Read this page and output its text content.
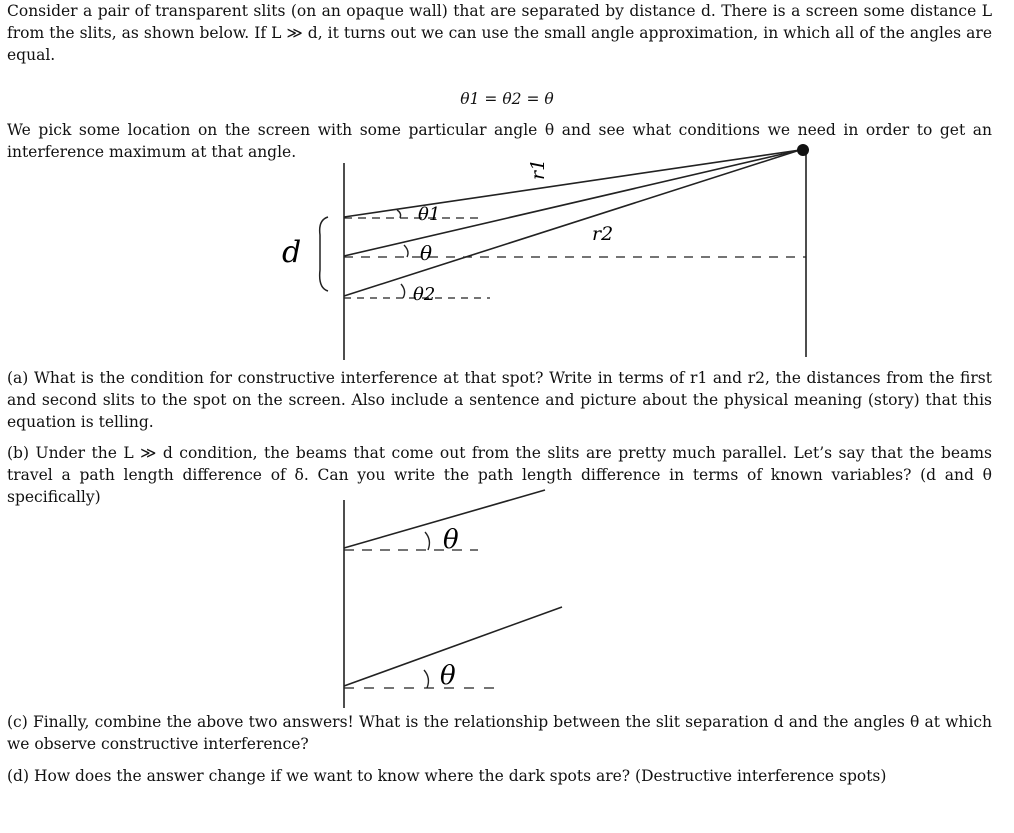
Consider a pair of transparent slits (on an opaque wall) that are separated by distance d. There is a screen some distance L from the slits, as shown below. If L ≫ d, it turns out we can use the small angle approximation, in which all of the angles are equal.
θ1 = θ2 = θ
We pick some location on the screen with some particular angle θ and see what conditions we need in order to get an interference maximum at that angle.
d
r1
r2
θ1
θ
θ2
(a) What is the condition for constructive interference at that spot? Write in terms of r1 and r2, the distances from the first and second slits to the spot on the screen. Also include a sentence and picture about the physical meaning (story) that this equation is telling.
(b) Under the L ≫ d condition, the beams that come out from the slits are pretty much parallel. Let’s say that the beams travel a path length difference of δ. Can you write the path length difference in terms of known variables? (d and θ specifically)
θ
θ
(c) Finally, combine the above two answers! What is the relationship between the slit separation d and the angles θ at which we observe constructive interference?
(d) How does the answer change if we want to know where the dark spots are? (Destructive interference spots)
